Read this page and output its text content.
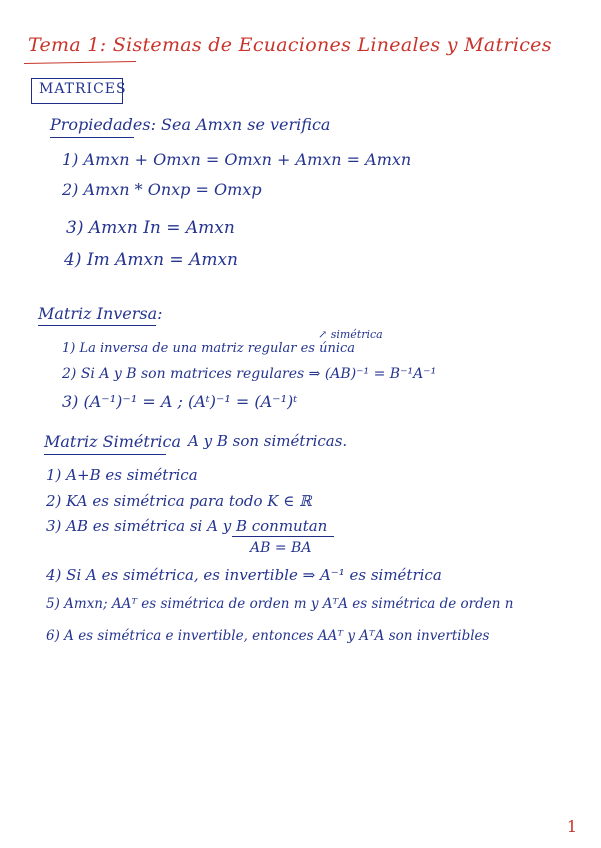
Tema 1: Sistemas de Ecuaciones Lineales y Matrices
MATRICES
Propiedades: Sea Amxn se verifica
1) Amxn + Omxn = Omxn + Amxn = Amxn
2) Amxn * Onxp = Omxp
3) Amxn In = Amxn
4) Im Amxn = Amxn
Matriz Inversa:
↗ simétrica
1) La inversa de una matriz regular es única
2) Si A y B son matrices regulares ⇒ (AB)⁻¹ = B⁻¹A⁻¹
3) (A⁻¹)⁻¹ = A ; (Aᵗ)⁻¹ = (A⁻¹)ᵗ
Matriz Simétrica A y B son simétricas.
1) A+B es simétrica
2) KA es simétrica para todo K ∈ ℝ
3) AB es simétrica si A y B conmutan
AB = BA
4) Si A es simétrica, es invertible ⇒ A⁻¹ es simétrica
5) Amxn; AAᵀ es simétrica de orden m y AᵀA es simétrica de orden n
6) A es simétrica e invertible, entonces AAᵀ y AᵀA son invertibles
1
